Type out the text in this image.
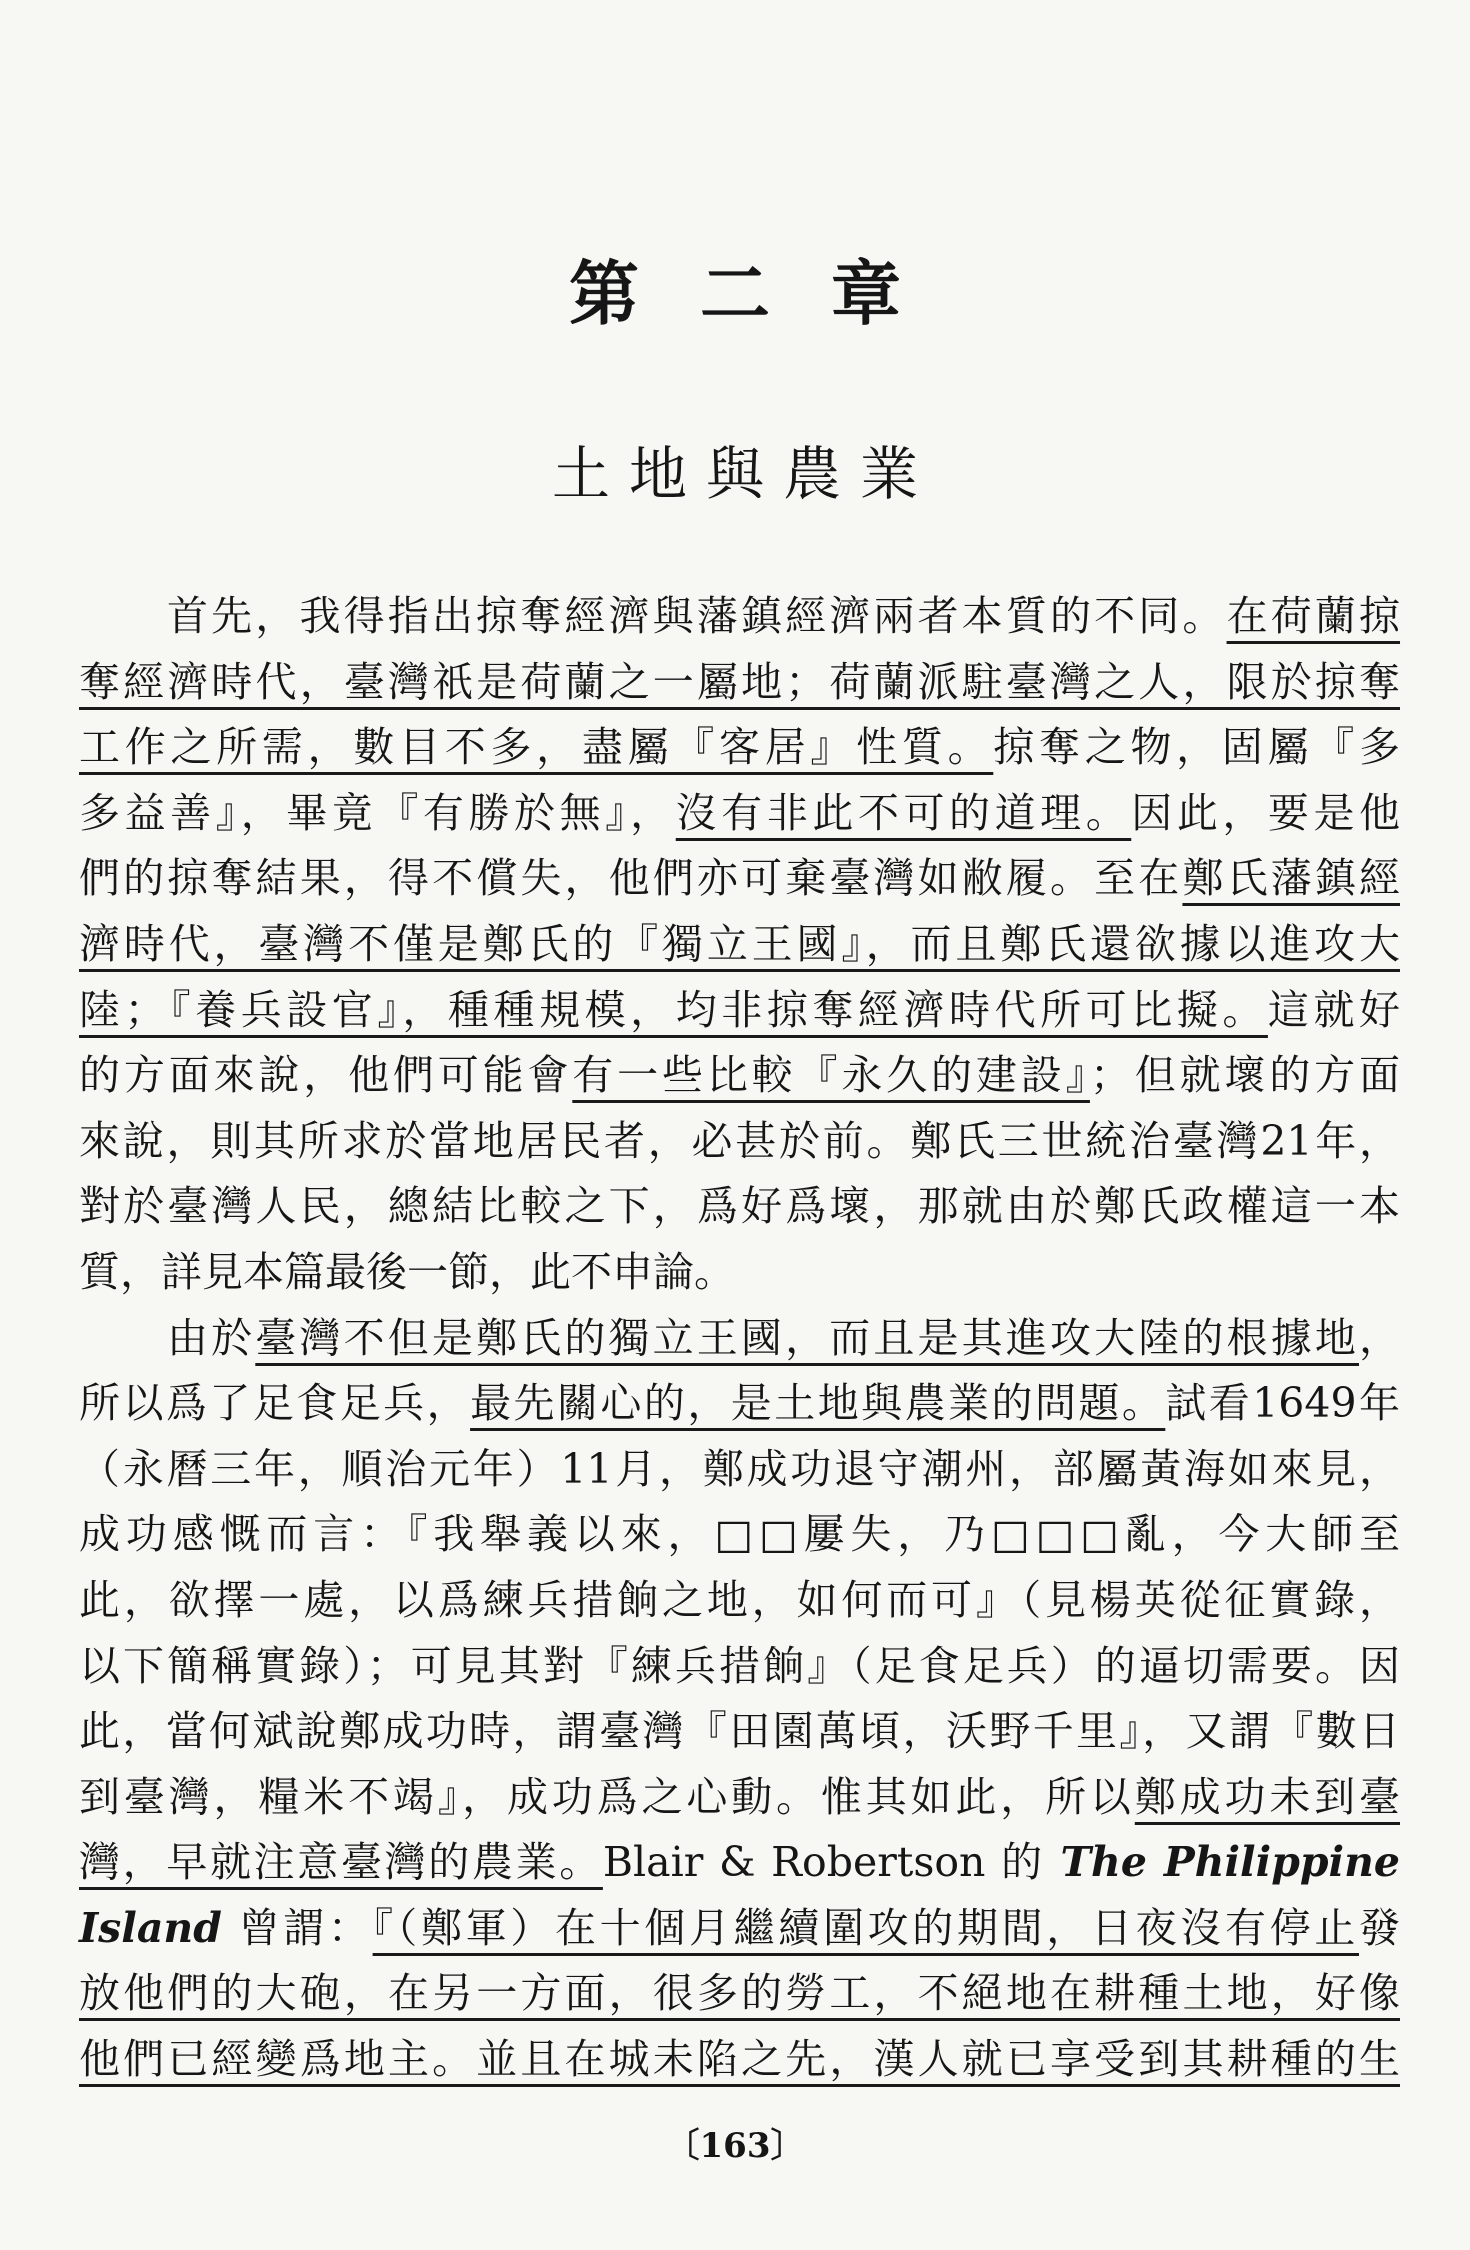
第二章
土地與農業
首先，我得指出掠奪經濟與藩鎮經濟兩者本質的不同。在荷蘭掠
奪經濟時代，臺灣祇是荷蘭之一屬地；荷蘭派駐臺灣之人，限於掠奪
工作之所需，數目不多，盡屬『客居』性質。掠奪之物，固屬『多
多益善』，畢竟『有勝於無』，沒有非此不可的道理。因此，要是他
們的掠奪結果，得不償失，他們亦可棄臺灣如敝履。至在鄭氏藩鎮經
濟時代，臺灣不僅是鄭氏的『獨立王國』，而且鄭氏還欲據以進攻大
陸；『養兵設官』，種種規模，均非掠奪經濟時代所可比擬。這就好
的方面來說，他們可能會有一些比較『永久的建設』；但就壞的方面
來說，則其所求於當地居民者，必甚於前。鄭氏三世統治臺灣21年，
對於臺灣人民，總結比較之下，爲好爲壞，那就由於鄭氏政權這一本
質，詳見本篇最後一節，此不申論。
由於臺灣不但是鄭氏的獨立王國，而且是其進攻大陸的根據地，
所以爲了足食足兵，最先關心的，是土地與農業的問題。試看1649年
（永曆三年，順治元年）11月，鄭成功退守潮州，部屬黃海如來見，
成功感慨而言：『我舉義以來，□□屢失，乃□□□亂，今大師至
此，欲擇一處，以爲練兵措餉之地，如何而可』（見楊英從征實錄，
以下簡稱實錄）；可見其對『練兵措餉』（足食足兵）的逼切需要。因
此，當何斌說鄭成功時，謂臺灣『田園萬頃，沃野千里』，又謂『數日
到臺灣，糧米不竭』，成功爲之心動。惟其如此，所以鄭成功未到臺
灣，早就注意臺灣的農業。Blair & Robertson 的 The Philippine
Island 曾謂：『（鄭軍）在十個月繼續圍攻的期間，日夜沒有停止發
放他們的大砲，在另一方面，很多的勞工，不絕地在耕種土地，好像
他們已經變爲地主。並且在城未陷之先，漢人就已享受到其耕種的生
〔163〕
